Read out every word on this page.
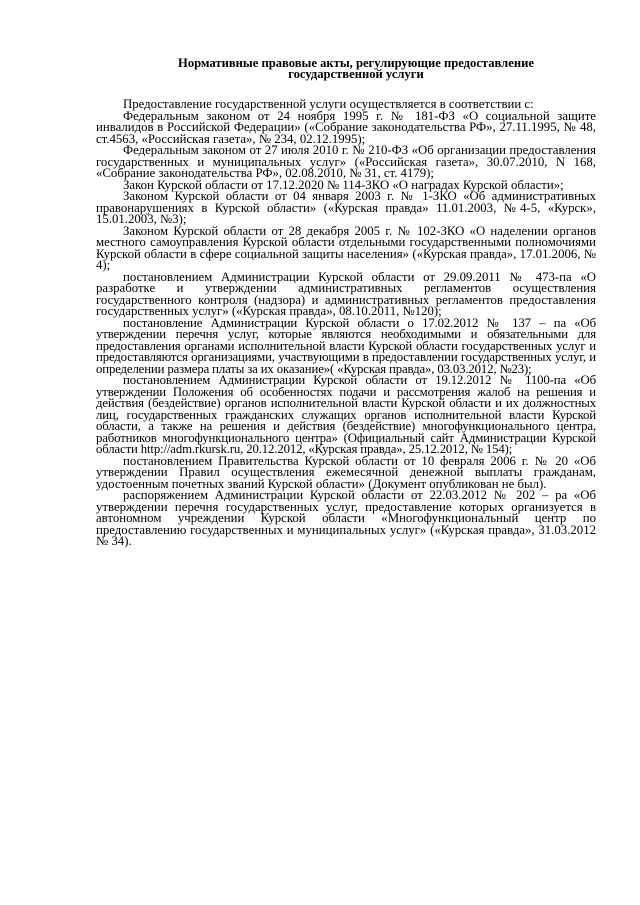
Нормативные правовые акты, регулирующие предоставление
государственной услуги

Предоставление государственной услуги осуществляется в соответствии с:

Федеральным законом от 24 ноября 1995 г. № 181-ФЗ «О социальной защите инвалидов в Российской Федерации» («Собрание законодательства РФ», 27.11.1995, № 48, ст.4563, «Российская газета», № 234, 02.12.1995);

Федеральным законом от 27 июля 2010 г. № 210-ФЗ «Об организации предоставления государственных и муниципальных услуг» («Российская газета», 30.07.2010, N 168, «Собрание законодательства РФ», 02.08.2010, № 31, ст. 4179);

Закон Курской области от 17.12.2020 № 114-ЗКО «О наградах Курской области»;

Законом Курской области от 04 января 2003 г. № 1-ЗКО «Об административных правонарушениях в Курской области» («Курская правда» 11.01.2003, №4-5, «Курск», 15.01.2003, №3);

Законом Курской области от 28 декабря 2005 г. № 102-ЗКО «О наделении органов местного самоуправления Курской области отдельными государственными полномочиями Курской области в сфере социальной защиты населения» («Курская правда», 17.01.2006, № 4);

постановлением Администрации Курской области от 29.09.2011 № 473-па «О разработке и утверждении административных регламентов осуществления государственного контроля (надзора) и административных регламентов предоставления государственных услуг» («Курская правда», 08.10.2011, №120);

постановление Администрации Курской области о 17.02.2012 № 137 – па «Об утверждении перечня услуг, которые являются необходимыми и обязательными для предоставления органами исполнительной власти Курской области государственных услуг и предоставляются организациями, участвующими в предоставлении государственных услуг, и определении размера платы за их оказание»( «Курская правда», 03.03.2012, №23);

постановлением Администрации Курской области от 19.12.2012 № 1100-па «Об утверждении Положения об особенностях подачи и рассмотрения жалоб на решения и действия (бездействие) органов исполнительной власти Курской области и их должностных лиц, государственных гражданских служащих органов исполнительной власти Курской области, а также на решения и действия (бездействие) многофункционального центра, работников многофункционального центра» (Официальный сайт Администрации Курской области http://adm.rkursk.ru, 20.12.2012, «Курская правда», 25.12.2012, № 154);

постановлением Правительства Курской области от 10 февраля 2006 г. № 20 «Об утверждении Правил осуществления ежемесячной денежной выплаты гражданам, удостоенным почетных званий Курской области» (Документ опубликован не был).

распоряжением Администрации Курской области от 22.03.2012 № 202 – ра «Об утверждении перечня государственных услуг, предоставление которых организуется в автономном учреждении Курской области «Многофункциональный центр по предоставлению государственных и муниципальных услуг» («Курская правда», 31.03.2012 № 34).
